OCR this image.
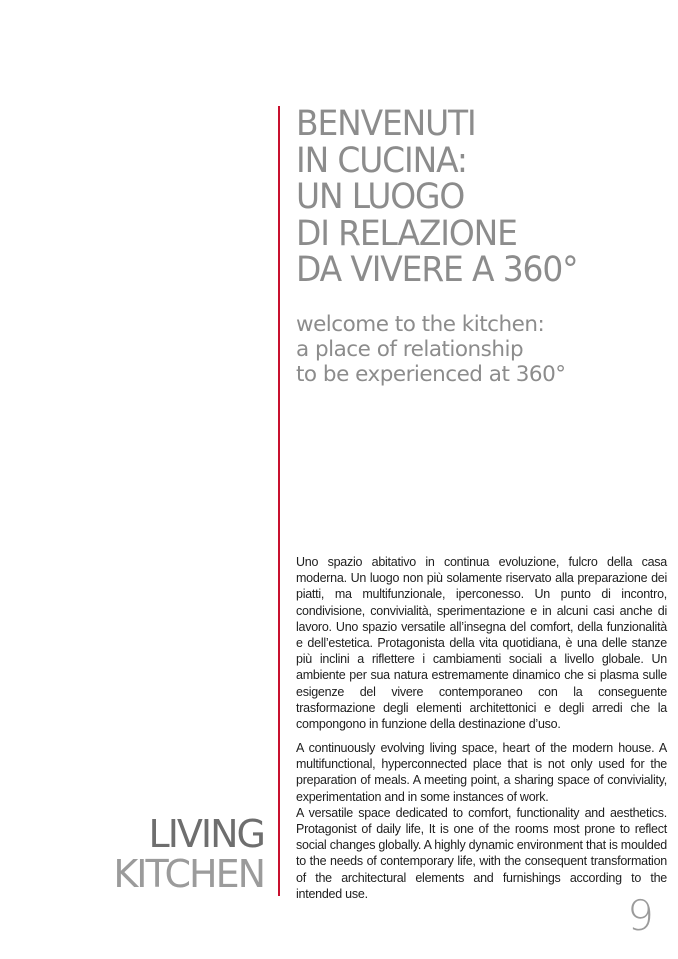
BENVENUTI
IN CUCINA:
UN LUOGO
DI RELAZIONE
DA VIVERE A 360°
welcome to the kitchen:
a place of relationship
to be experienced at 360°

Uno spazio abitativo in continua evoluzione, fulcro della casa moderna. Un luogo non più solamente riservato alla preparazione dei piatti, ma multifunzionale, iperconesso. Un punto di incontro, condivisione, convivialità, sperimentazione e in alcuni casi anche di lavoro. Uno spazio versatile all’insegna del comfort, della funzionalità e dell’estetica. Protagonista della vita quotidiana, è una delle stanze più inclini a riflettere i cambiamenti sociali a livello globale. Un ambiente per sua natura estremamente dinamico che si plasma sulle esigenze del vivere contemporaneo con la conseguente trasformazione degli elementi architettonici e degli arredi che la compongono in funzione della destinazione d’uso.

A continuously evolving living space, heart of the modern house. A multifunctional, hyperconnected place that is not only used for the preparation of meals. A meeting point, a sharing space of conviviality, experimentation and in some instances of work.
A versatile space dedicated to comfort, functionality and aesthetics. Protagonist of daily life, It is one of the rooms most prone to reflect social changes globally. A highly dynamic environment that is moulded to the needs of contemporary life, with the consequent transformation of the architectural elements and furnishings according to the intended use.
LIVING
KITCHEN
9
